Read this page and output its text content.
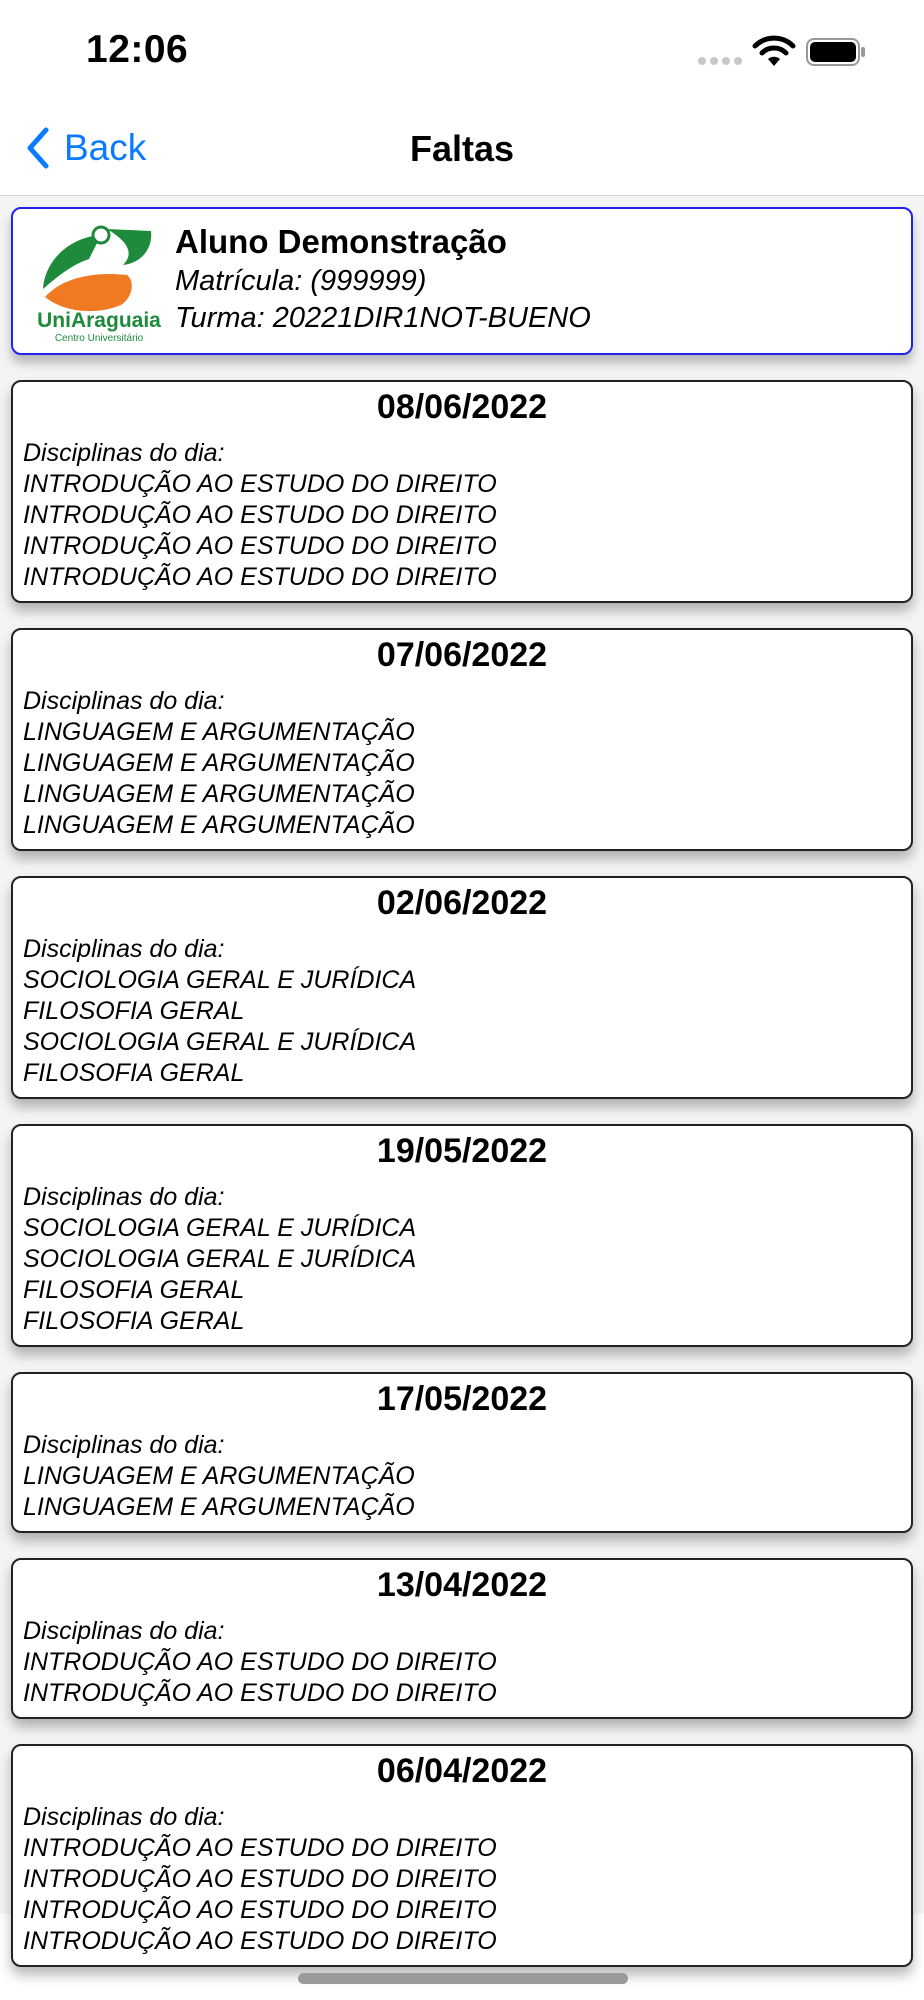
12:06
Back	Faltas
UniAraguaia
Centro Universitário
Aluno Demonstração
Matrícula: (999999)
Turma: 20221DIR1NOT-BUENO
08/06/2022
Disciplinas do dia:
INTRODUÇÃO AO ESTUDO DO DIREITO
INTRODUÇÃO AO ESTUDO DO DIREITO
INTRODUÇÃO AO ESTUDO DO DIREITO
INTRODUÇÃO AO ESTUDO DO DIREITO
07/06/2022
Disciplinas do dia:
LINGUAGEM E ARGUMENTAÇÃO
LINGUAGEM E ARGUMENTAÇÃO
LINGUAGEM E ARGUMENTAÇÃO
LINGUAGEM E ARGUMENTAÇÃO
02/06/2022
Disciplinas do dia:
SOCIOLOGIA GERAL E JURÍDICA
FILOSOFIA GERAL
SOCIOLOGIA GERAL E JURÍDICA
FILOSOFIA GERAL
19/05/2022
Disciplinas do dia:
SOCIOLOGIA GERAL E JURÍDICA
SOCIOLOGIA GERAL E JURÍDICA
FILOSOFIA GERAL
FILOSOFIA GERAL
17/05/2022
Disciplinas do dia:
LINGUAGEM E ARGUMENTAÇÃO
LINGUAGEM E ARGUMENTAÇÃO
13/04/2022
Disciplinas do dia:
INTRODUÇÃO AO ESTUDO DO DIREITO
INTRODUÇÃO AO ESTUDO DO DIREITO
06/04/2022
Disciplinas do dia:
INTRODUÇÃO AO ESTUDO DO DIREITO
INTRODUÇÃO AO ESTUDO DO DIREITO
INTRODUÇÃO AO ESTUDO DO DIREITO
INTRODUÇÃO AO ESTUDO DO DIREITO
